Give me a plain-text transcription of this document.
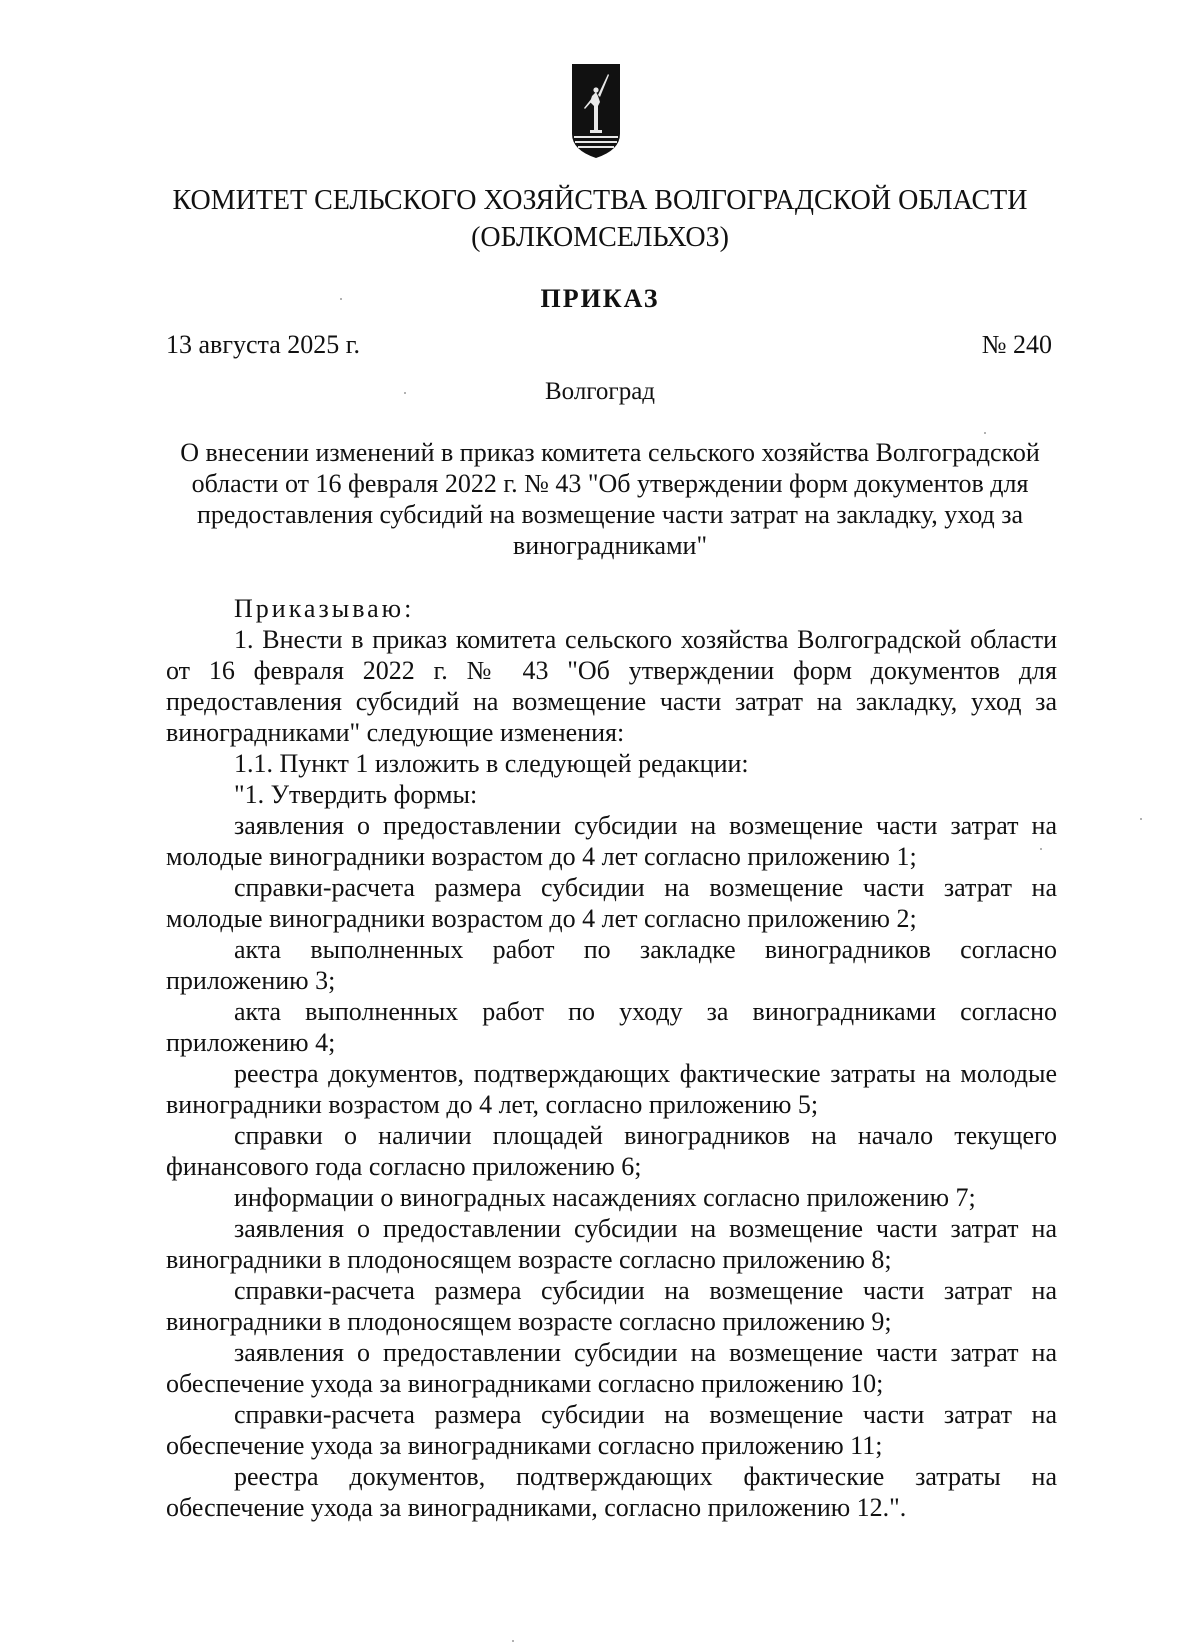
КОМИТЕТ СЕЛЬСКОГО ХОЗЯЙСТВА ВОЛГОГРАДСКОЙ ОБЛАСТИ
(ОБЛКОМСЕЛЬХОЗ)
ПРИКАЗ
13 августа 2025 г.	№ 240
Волгоград
О внесении изменений в приказ комитета сельского хозяйства Волгоградской области от 16 февраля 2022 г. № 43 "Об утверждении форм документов для предоставления субсидий на возмещение части затрат на закладку, уход за виноградниками"

Приказываю:

1. Внести в приказ комитета сельского хозяйства Волгоградской области от 16 февраля 2022 г. № 43 "Об утверждении форм документов для предоставления субсидий на возмещение части затрат на закладку, уход за виноградниками" следующие изменения:

1.1. Пункт 1 изложить в следующей редакции:

"1. Утвердить формы:

заявления о предоставлении субсидии на возмещение части затрат на молодые виноградники возрастом до 4 лет согласно приложению 1;

справки-расчета размера субсидии на возмещение части затрат на молодые виноградники возрастом до 4 лет согласно приложению 2;

акта выполненных работ по закладке виноградников согласно приложению 3;

акта выполненных работ по уходу за виноградниками согласно приложению 4;

реестра документов, подтверждающих фактические затраты на молодые виноградники возрастом до 4 лет, согласно приложению 5;

справки о наличии площадей виноградников на начало текущего финансового года согласно приложению 6;

информации о виноградных насаждениях согласно приложению 7;

заявления о предоставлении субсидии на возмещение части затрат на виноградники в плодоносящем возрасте согласно приложению 8;

справки-расчета размера субсидии на возмещение части затрат на виноградники в плодоносящем возрасте согласно приложению 9;

заявления о предоставлении субсидии на возмещение части затрат на обеспечение ухода за виноградниками согласно приложению 10;

справки-расчета размера субсидии на возмещение части затрат на обеспечение ухода за виноградниками согласно приложению 11;

реестра документов, подтверждающих фактические затраты на обеспечение ухода за виноградниками, согласно приложению 12.".
